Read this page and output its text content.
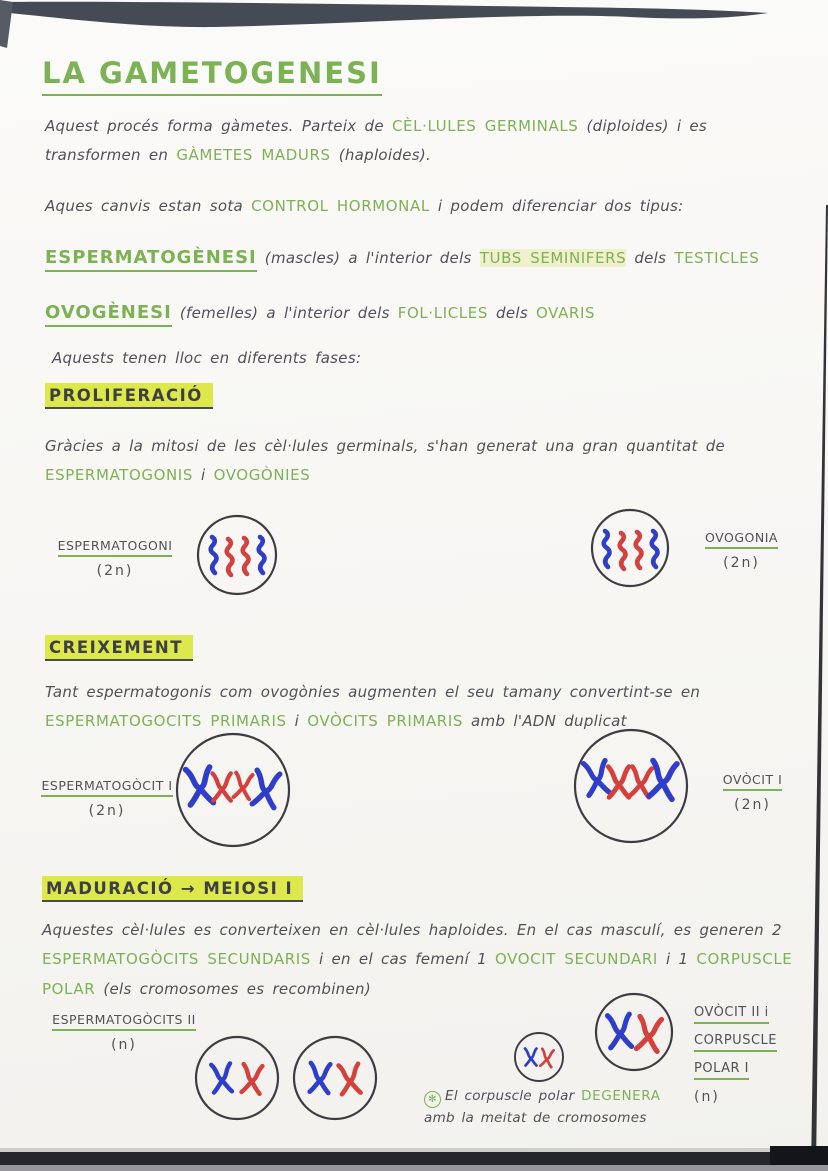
LA GAMETOGENESI
Aquest procés forma gàmetes. Parteix de CÈL·LULES GERMINALS (diploides) i es transformen en GÀMETES MADURS (haploides).
Aques canvis estan sota CONTROL HORMONAL i podem diferenciar dos tipus:
ESPERMATOGÈNESI (mascles) a l'interior dels TUBS SEMINIFERS dels TESTICLES
OVOGÈNESI (femelles) a l'interior dels FOL·LICLES dels OVARIS
Aquests tenen lloc en diferents fases:
PROLIFERACIÓ
Gràcies a la mitosi de les cèl·lules germinals, s'han generat una gran quantitat de ESPERMATOGONIS i OVOGÒNIES
ESPERMATOGONI
(2n)
OVOGONIA
(2n)
CREIXEMENT
Tant espermatogonis com ovogònies augmenten el seu tamany convertint-se en ESPERMATOGOCITS PRIMARIS i OVÒCITS PRIMARIS amb l'ADN duplicat
ESPERMATOGÒCIT I
(2n)
OVÒCIT I
(2n)
MADURACIÓ → MEIOSI I
Aquestes cèl·lules es converteixen en cèl·lules haploides. En el cas masculí, es generen 2 ESPERMATOGÒCITS SECUNDARIS i en el cas femení 1 OVOCIT SECUNDARI i 1 CORPUSCLE POLAR (els cromosomes es recombinen)
ESPERMATOGÒCITS II
(n)
OVÒCIT II i
CORPUSCLE
POLAR I
(n)
✻ El corpuscle polar DEGENERA amb la meitat de cromosomes
